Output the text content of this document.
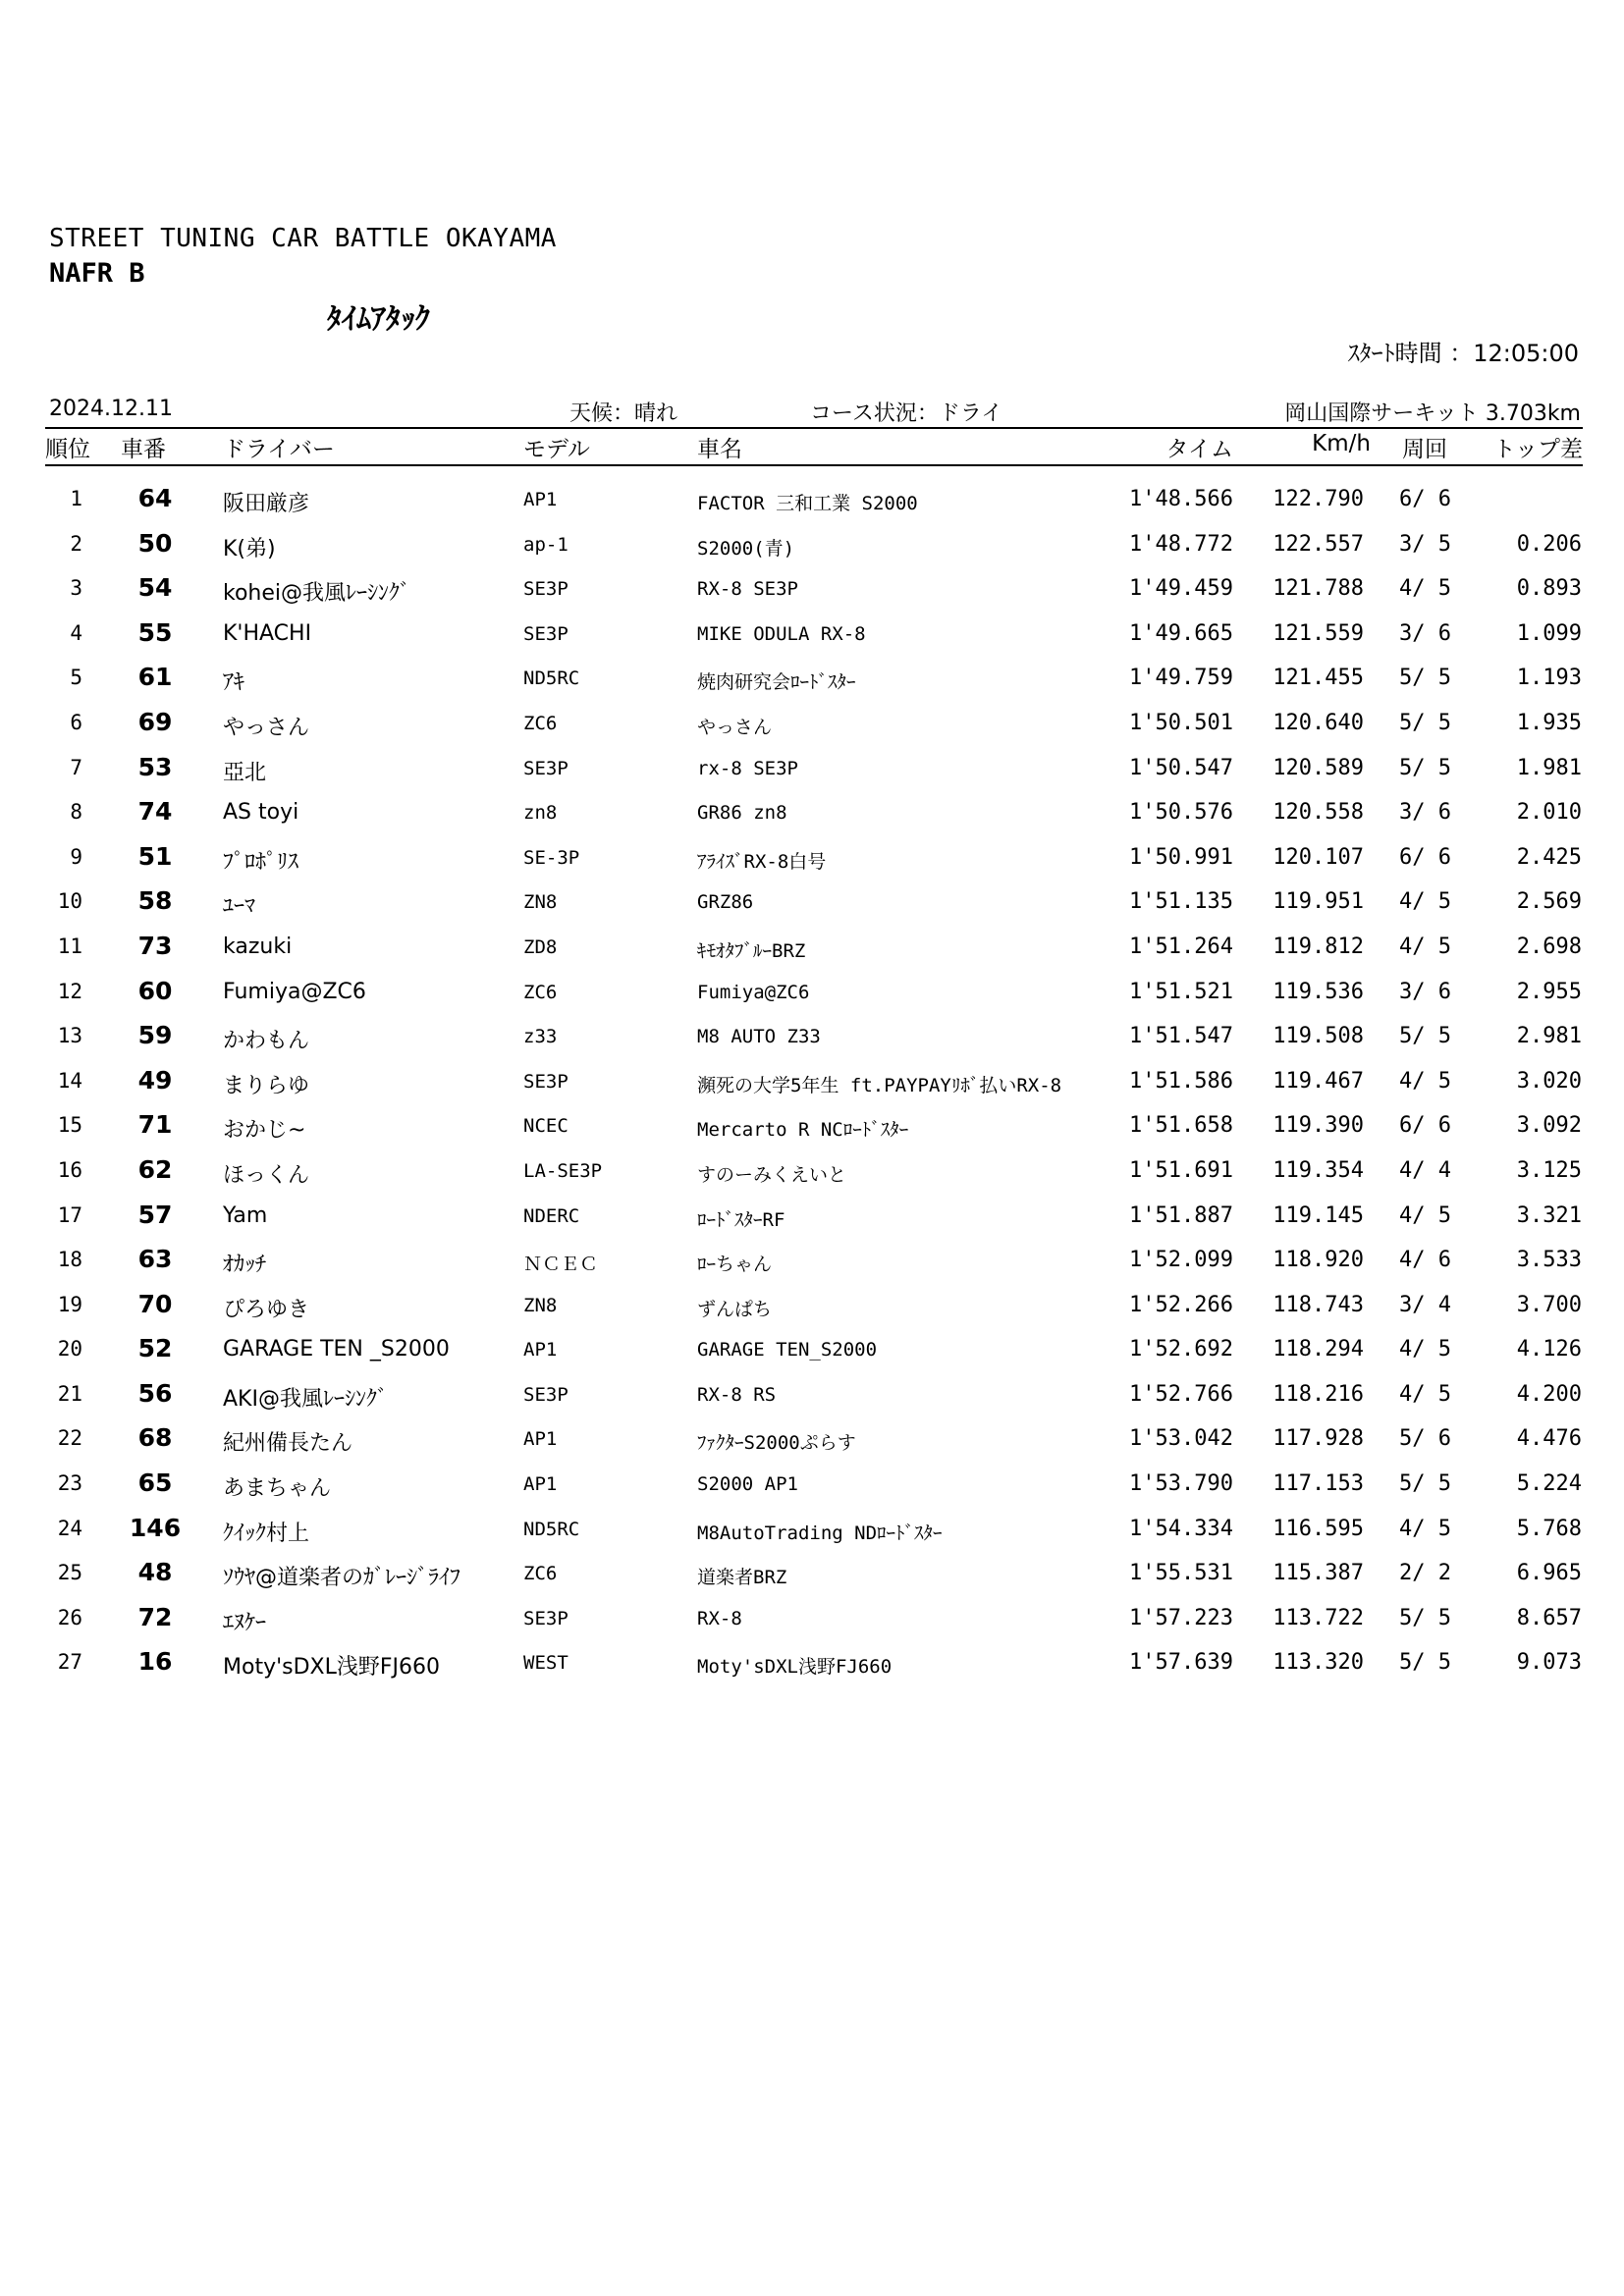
STREET TUNING CAR BATTLE OKAYAMA
NAFR B
ﾀｲﾑｱﾀｯｸ
ｽﾀｰﾄ時間 ：12:05:00
2024.12.11	天候：晴れ	コース状況：ドライ	岡山国際サーキット 3.703km
順位 車番	ドライバー	モデル	車名	タイム	Km/h 周回 トップ差
1	64	阪田厳彦	AP1	FACTOR 三和工業 S2000	1'48.566 122.790 6/ 6
2	50	K(弟)	ap-1	S2000(青)	1'48.772 122.557 3/ 5	0.206
3	54	kohei@我風ﾚｰｼﾝｸﾞ	SE3P	RX-8 SE3P	1'49.459 121.788 4/ 5	0.893
4	55	K'HACHI	SE3P	MIKE ODULA RX-8	1'49.665 121.559 3/ 6	1.099
5	61	ｱｷ	ND5RC	焼肉研究会ﾛｰﾄﾞｽﾀｰ	1'49.759 121.455 5/ 5	1.193
6	69	やっさん	ZC6	やっさん	1'50.501 120.640 5/ 5	1.935
7	53	亞北	SE3P	rx-8 SE3P	1'50.547 120.589 5/ 5	1.981
8	74	AS toyi	zn8	GR86 zn8	1'50.576 120.558 3/ 6	2.010
9	51	ﾌﾟﾛﾎﾟﾘｽ	SE-3P	ｱﾗｲｽﾞRX-8白号	1'50.991 120.107 6/ 6	2.425
10	58	ﾕｰﾏ	ZN8	GRZ86	1'51.135 119.951 4/ 5	2.569
11	73	kazuki	ZD8	ｷﾓｵﾀﾌﾞﾙｰBRZ	1'51.264 119.812 4/ 5	2.698
12	60	Fumiya@ZC6	ZC6	Fumiya@ZC6	1'51.521 119.536 3/ 6	2.955
13	59	かわもん	z33	M8 AUTO Z33	1'51.547 119.508 5/ 5	2.981
14	49	まりらゆ	SE3P	瀕死の大学5年生 ft.PAYPAYﾘﾎﾞ払いRX-8	1'51.586 119.467 4/ 5	3.020
15	71	おかじ~	NCEC	Mercarto R NCﾛｰﾄﾞｽﾀｰ	1'51.658 119.390 6/ 6	3.092
16	62	ほっくん	LA-SE3P	すのーみくえいと	1'51.691 119.354 4/ 4	3.125
17	57	Yam	NDERC	ﾛｰﾄﾞｽﾀｰRF	1'51.887 119.145 4/ 5	3.321
18	63	ｵｶｯﾁ	ＮＣＥＣ	ﾛｰちゃん	1'52.099 118.920 4/ 6	3.533
19	70	ぴろゆき	ZN8	ずんぱち	1'52.266 118.743 3/ 4	3.700
20	52	GARAGE TEN _S2000	AP1	GARAGE TEN_S2000	1'52.692 118.294 4/ 5	4.126
21	56	AKI@我風ﾚｰｼﾝｸﾞ	SE3P	RX-8 RS	1'52.766 118.216 4/ 5	4.200
22	68	紀州備長たん	AP1	ﾌｧｸﾀｰS2000ぷらす	1'53.042 117.928 5/ 6	4.476
23	65	あまちゃん	AP1	S2000 AP1	1'53.790 117.153 5/ 5	5.224
24	146	ｸｲｯｸ村上	ND5RC	M8AutoTrading NDﾛｰﾄﾞｽﾀｰ	1'54.334 116.595 4/ 5	5.768
25	48	ｿｳﾔ@道楽者のｶﾞﾚｰｼﾞﾗｲﾌ	ZC6	道楽者BRZ	1'55.531 115.387 2/ 2	6.965
26	72	ｴﾇｹｰ	SE3P	RX-8	1'57.223 113.722 5/ 5	8.657
27	16	Moty'sDXL浅野FJ660	WEST	Moty'sDXL浅野FJ660	1'57.639 113.320 5/ 5	9.073
